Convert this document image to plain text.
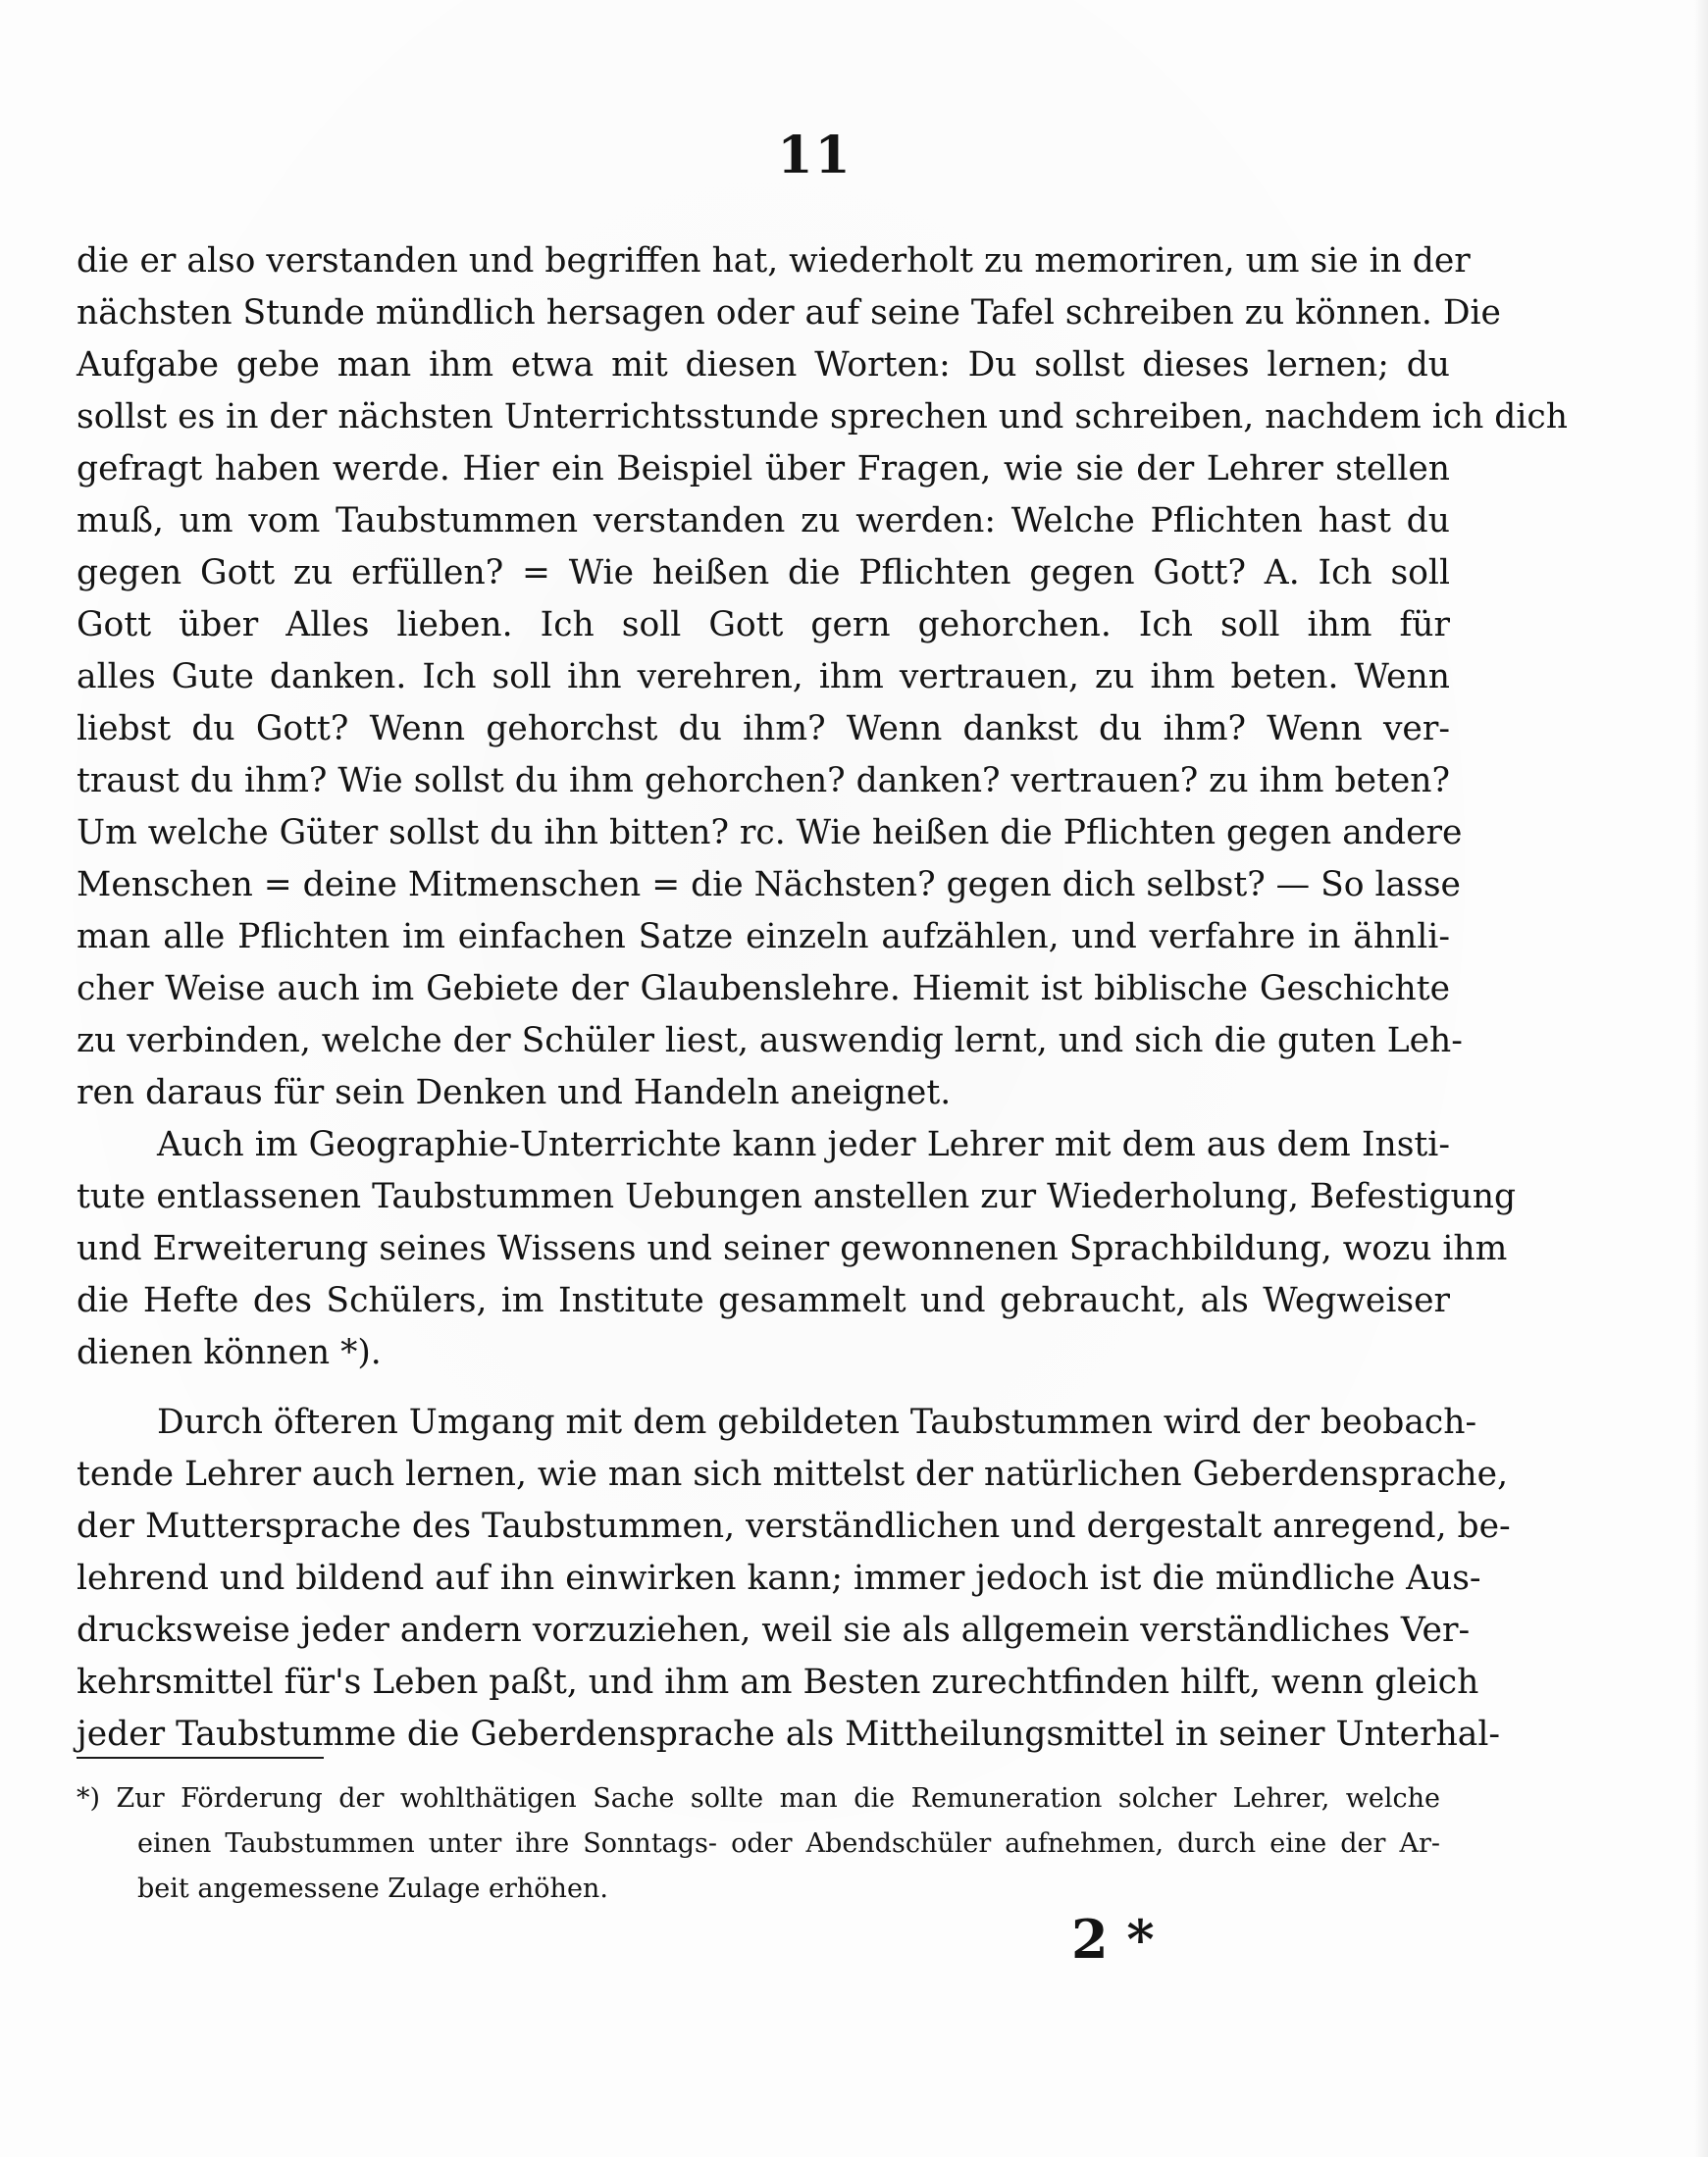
11
die er also verstanden und begriffen hat, wiederholt zu memoriren, um sie in der
nächsten Stunde mündlich hersagen oder auf seine Tafel schreiben zu können. Die
Aufgabe gebe man ihm etwa mit diesen Worten: Du sollst dieses lernen; du
sollst es in der nächsten Unterrichtsstunde sprechen und schreiben, nachdem ich dich
gefragt haben werde. Hier ein Beispiel über Fragen, wie sie der Lehrer stellen
muß, um vom Taubstummen verstanden zu werden: Welche Pflichten hast du
gegen Gott zu erfüllen? = Wie heißen die Pflichten gegen Gott? A. Ich soll
Gott über Alles lieben. Ich soll Gott gern gehorchen. Ich soll ihm für
alles Gute danken. Ich soll ihn verehren, ihm vertrauen, zu ihm beten. Wenn
liebst du Gott? Wenn gehorchst du ihm? Wenn dankst du ihm? Wenn ver-
traust du ihm? Wie sollst du ihm gehorchen? danken? vertrauen? zu ihm beten?
Um welche Güter sollst du ihn bitten? rc. Wie heißen die Pflichten gegen andere
Menschen = deine Mitmenschen = die Nächsten? gegen dich selbst? — So lasse
man alle Pflichten im einfachen Satze einzeln aufzählen, und verfahre in ähnli-
cher Weise auch im Gebiete der Glaubenslehre. Hiemit ist biblische Geschichte
zu verbinden, welche der Schüler liest, auswendig lernt, und sich die guten Leh-
ren daraus für sein Denken und Handeln aneignet.
Auch im Geographie-Unterrichte kann jeder Lehrer mit dem aus dem Insti-
tute entlassenen Taubstummen Uebungen anstellen zur Wiederholung, Befestigung
und Erweiterung seines Wissens und seiner gewonnenen Sprachbildung, wozu ihm
die Hefte des Schülers, im Institute gesammelt und gebraucht, als Wegweiser
dienen können *).
Durch öfteren Umgang mit dem gebildeten Taubstummen wird der beobach-
tende Lehrer auch lernen, wie man sich mittelst der natürlichen Geberdensprache,
der Muttersprache des Taubstummen, verständlichen und dergestalt anregend, be-
lehrend und bildend auf ihn einwirken kann; immer jedoch ist die mündliche Aus-
drucksweise jeder andern vorzuziehen, weil sie als allgemein verständliches Ver-
kehrsmittel für's Leben paßt, und ihm am Besten zurechtfinden hilft, wenn gleich
jeder Taubstumme die Geberdensprache als Mittheilungsmittel in seiner Unterhal-
*) Zur Förderung der wohlthätigen Sache sollte man die Remuneration solcher Lehrer, welche
einen Taubstummen unter ihre Sonntags- oder Abendschüler aufnehmen, durch eine der Ar-
beit angemessene Zulage erhöhen.
2 *
